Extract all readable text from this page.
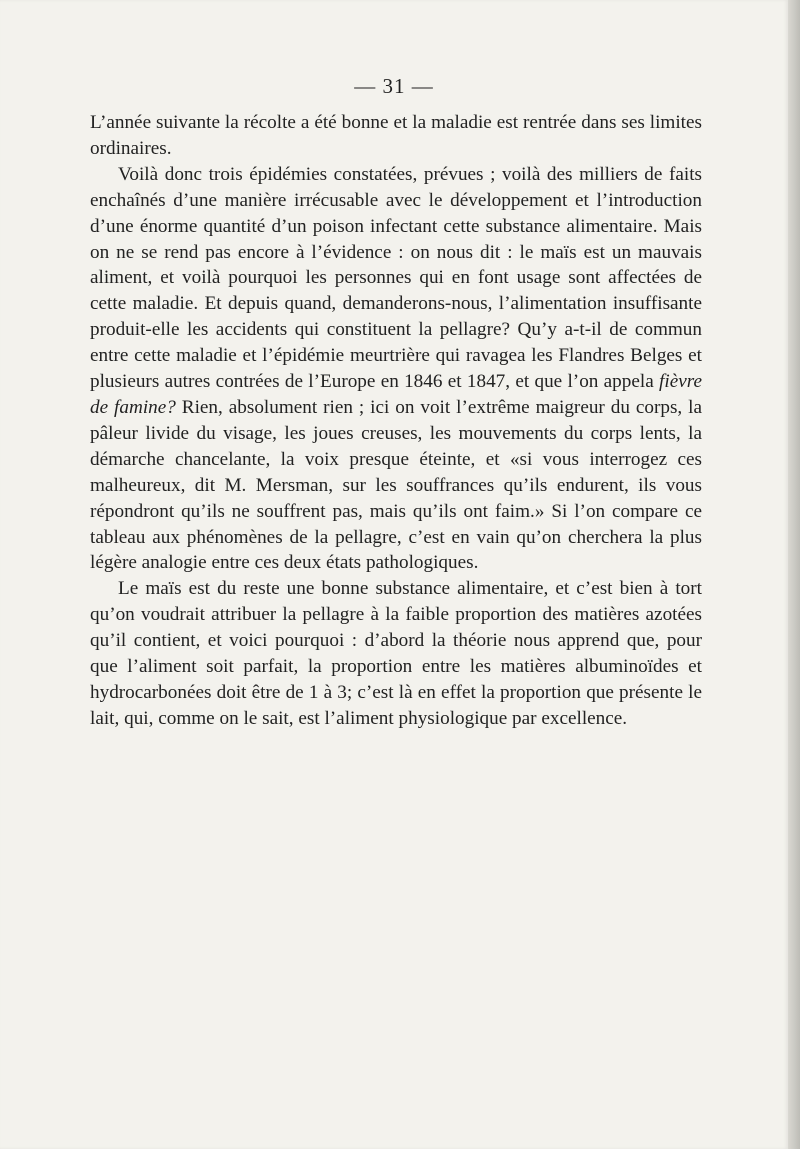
— 31 —

L’année suivante la récolte a été bonne et la maladie est rentrée dans ses limites ordinaires.

Voilà donc trois épidémies constatées, prévues ; voilà des milliers de faits enchaînés d’une manière irrécusable avec le développement et l’introduction d’une énorme quantité d’un poison infectant cette substance alimentaire. Mais on ne se rend pas encore à l’évidence : on nous dit : le maïs est un mauvais aliment, et voilà pourquoi les personnes qui en font usage sont affectées de cette maladie. Et depuis quand, demanderons-nous, l’alimentation insuffisante produit-elle les accidents qui constituent la pellagre? Qu’y a-t-il de commun entre cette maladie et l’épidémie meurtrière qui ravagea les Flandres Belges et plusieurs autres contrées de l’Europe en 1846 et 1847, et que l’on appela fièvre de famine? Rien, absolument rien ; ici on voit l’extrême maigreur du corps, la pâleur livide du visage, les joues creuses, les mouvements du corps lents, la démarche chancelante, la voix presque éteinte, et «si vous interrogez ces malheureux, dit M. Mersman, sur les souffrances qu’ils endurent, ils vous répondront qu’ils ne souffrent pas, mais qu’ils ont faim.» Si l’on compare ce tableau aux phénomènes de la pellagre, c’est en vain qu’on cherchera la plus légère analogie entre ces deux états pathologiques.

Le maïs est du reste une bonne substance alimentaire, et c’est bien à tort qu’on voudrait attribuer la pellagre à la faible proportion des matières azotées qu’il contient, et voici pourquoi : d’abord la théorie nous apprend que, pour que l’aliment soit parfait, la proportion entre les matières albuminoïdes et hydrocarbonées doit être de 1 à 3; c’est là en effet la proportion que présente le lait, qui, comme on le sait, est l’aliment physiologique par excellence.
